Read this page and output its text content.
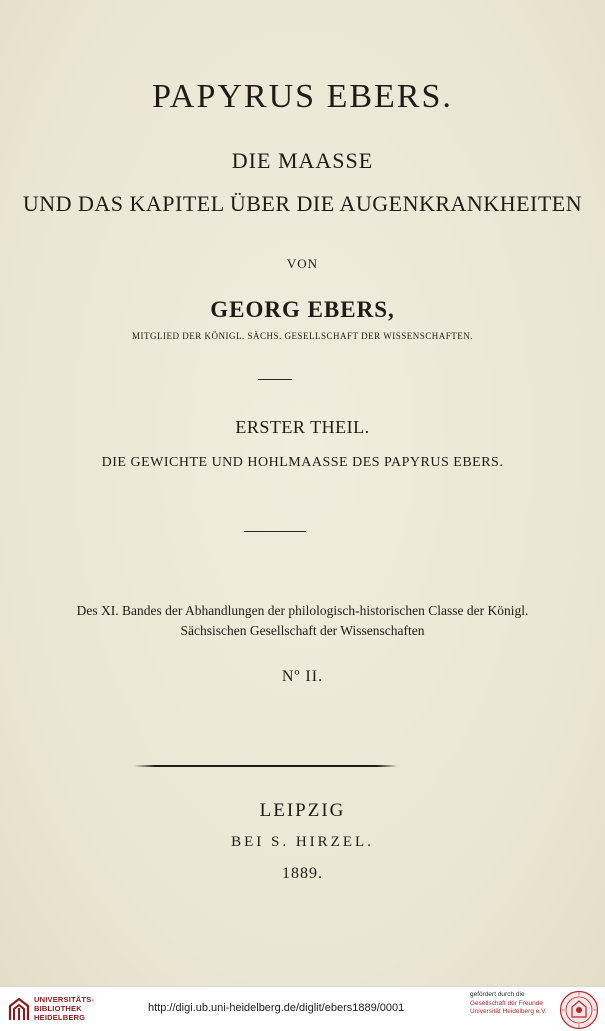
PAPYRUS EBERS.
DIE MAASSE
UND DAS KAPITEL ÜBER DIE AUGENKRANKHEITEN
VON
GEORG EBERS,
MITGLIED DER KÖNIGL. SÄCHS. GESELLSCHAFT DER WISSENSCHAFTEN.
ERSTER THEIL.
DIE GEWICHTE UND HOHLMAASSE DES PAPYRUS EBERS.
Des XI. Bandes der Abhandlungen der philologisch-historischen Classe der Königl.
Sächsischen Gesellschaft der Wissenschaften
Nº II.
LEIPZIG
BEI S. HIRZEL.
1889.
UNIVERSITÄTS-
BIBLIOTHEK
HEIDELBERG
http://digi.ub.uni-heidelberg.de/diglit/ebers1889/0001
gefördert durch die
Gesellschaft der Freunde
Universität Heidelberg e.V.
